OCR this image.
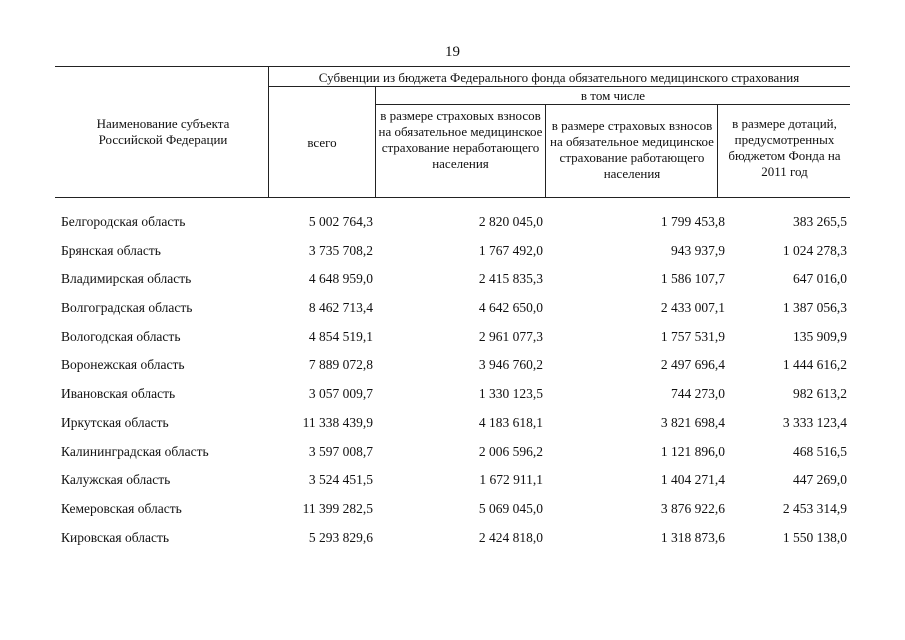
19
Наименование субъекта Российской Федерации
Субвенции из бюджета Федерального фонда обязательного медицинского страхования
всего
в том числе
в размере страховых взносов на обязательное медицинское страхование неработающего населения
в размере страховых взносов на обязательное медицинское страхование работающего населения
в размере дотаций, предусмотренных бюджетом Фонда на 2011 год
Белгородская область	5 002 764,3	2 820 045,0	1 799 453,8	383 265,5
Брянская область	3 735 708,2	1 767 492,0	943 937,9	1 024 278,3
Владимирская область	4 648 959,0	2 415 835,3	1 586 107,7	647 016,0
Волгоградская область	8 462 713,4	4 642 650,0	2 433 007,1	1 387 056,3
Вологодская область	4 854 519,1	2 961 077,3	1 757 531,9	135 909,9
Воронежская область	7 889 072,8	3 946 760,2	2 497 696,4	1 444 616,2
Ивановская область	3 057 009,7	1 330 123,5	744 273,0	982 613,2
Иркутская область	11 338 439,9	4 183 618,1	3 821 698,4	3 333 123,4
Калининградская область	3 597 008,7	2 006 596,2	1 121 896,0	468 516,5
Калужская область	3 524 451,5	1 672 911,1	1 404 271,4	447 269,0
Кемеровская область	11 399 282,5	5 069 045,0	3 876 922,6	2 453 314,9
Кировская область	5 293 829,6	2 424 818,0	1 318 873,6	1 550 138,0
